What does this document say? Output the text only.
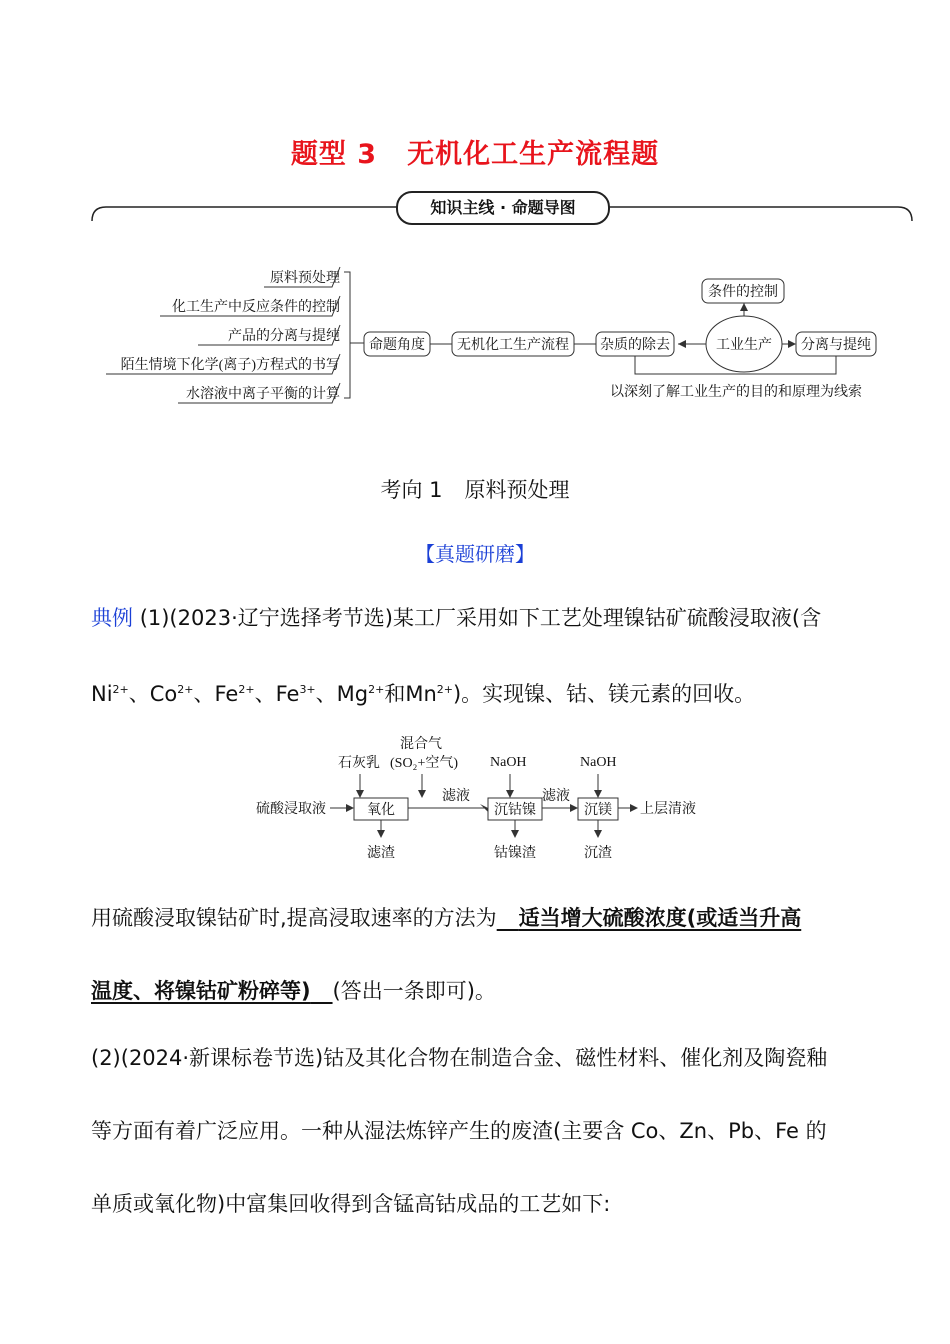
题型 3 无机化工生产流程题
知识主线 · 命题导图
原料预处理
化工生产中反应条件的控制
产品的分离与提纯
陌生情境下化学(离子)方程式的书写
水溶液中离子平衡的计算
命题角度 无机化工生产流程 杂质的除去	工业生产
条件的控制
分离与提纯
以深刻了解工业生产的目的和原理为线索
考向 1 原料预处理
【真题研磨】
典例 (1)(2023·辽宁选择考节选)某工厂采用如下工艺处理镍钴矿硫酸浸取液(含
$Ni^{2+}$、$Co^{2+}$、$Fe^{2+}$、$Fe^{3+}$、$Mg^{2+}$和$Mn^{2+}$)。实现镍、钴、镁元素的回收。
硫酸浸取液
石灰乳
混合气
(SO₂+空气)
氧化
滤渣
滤液
NaOH
沉钴镍
钴镍渣
滤液
NaOH
沉镁
沉渣
上层清液
用硫酸浸取镍钴矿时,提高浸取速率的方法为 适当增大硫酸浓度(或适当升高
温度、将镍钴矿粉碎等) (答出一条即可)。
(2)(2024·新课标卷节选)钴及其化合物在制造合金、磁性材料、催化剂及陶瓷釉
等方面有着广泛应用。一种从湿法炼锌产生的废渣(主要含 Co、Zn、Pb、Fe 的
单质或氧化物)中富集回收得到含锰高钴成品的工艺如下:
